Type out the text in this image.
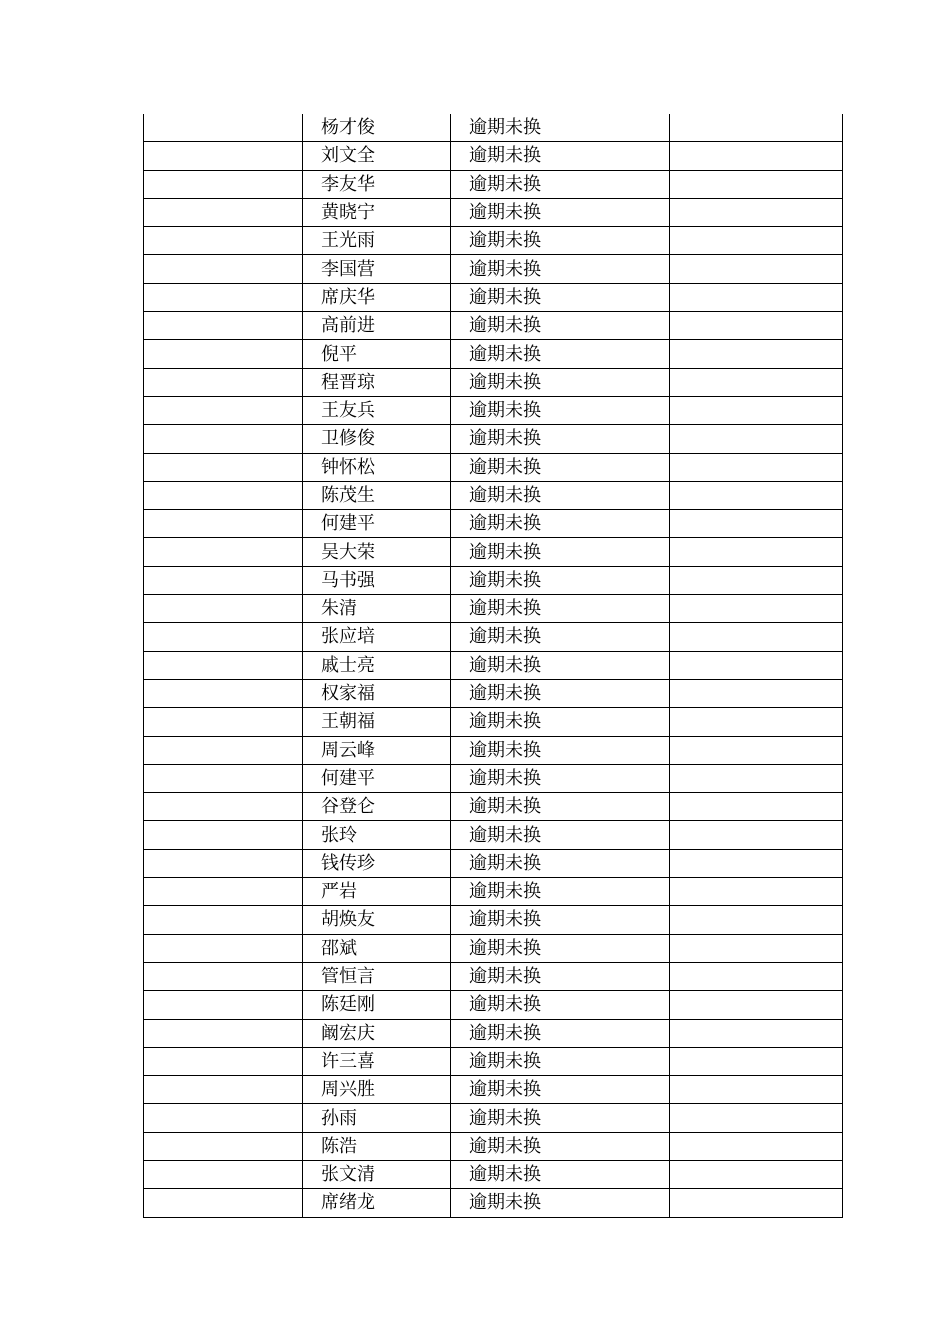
	杨才俊	逾期未换	
	刘文全	逾期未换	
	李友华	逾期未换	
	黄晓宁	逾期未换	
	王光雨	逾期未换	
	李国营	逾期未换	
	席庆华	逾期未换	
	高前进	逾期未换	
	倪平	逾期未换	
	程晋琼	逾期未换	
	王友兵	逾期未换	
	卫修俊	逾期未换	
	钟怀松	逾期未换	
	陈茂生	逾期未换	
	何建平	逾期未换	
	吴大荣	逾期未换	
	马书强	逾期未换	
	朱清	逾期未换	
	张应培	逾期未换	
	戚士亮	逾期未换	
	权家福	逾期未换	
	王朝福	逾期未换	
	周云峰	逾期未换	
	何建平	逾期未换	
	谷登仑	逾期未换	
	张玲	逾期未换	
	钱传珍	逾期未换	
	严岩	逾期未换	
	胡焕友	逾期未换	
	邵斌	逾期未换	
	管恒言	逾期未换	
	陈廷刚	逾期未换	
	阚宏庆	逾期未换	
	许三喜	逾期未换	
	周兴胜	逾期未换	
	孙雨	逾期未换	
	陈浩	逾期未换	
	张文清	逾期未换	
	席绪龙	逾期未换	
